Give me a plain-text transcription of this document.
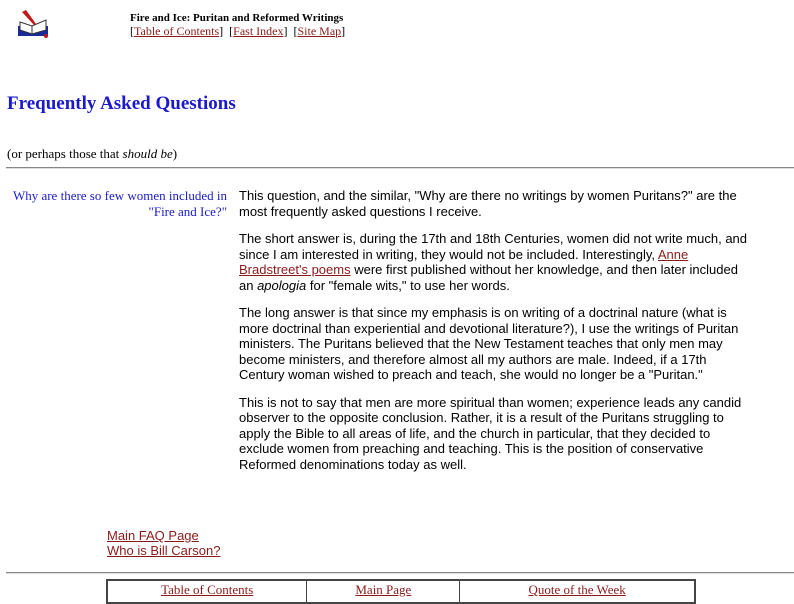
Fire and Ice: Puritan and Reformed Writings
[Table of Contents]  [Fast Index]  [Site Map]
Frequently Asked Questions
(or perhaps those that should be)
Why are there so few women included in "Fire and Ice?"

This question, and the similar, "Why are there no writings by women Puritans?" are the most frequently asked questions I receive.

The short answer is, during the 17th and 18th Centuries, women did not write much, and since I am interested in writing, they would not be included. Interestingly, Anne Bradstreet's poems were first published without her knowledge, and then later included an apologia for "female wits," to use her words.

The long answer is that since my emphasis is on writing of a doctrinal nature (what is more doctrinal than experiential and devotional literature?), I use the writings of Puritan ministers. The Puritans believed that the New Testament teaches that only men may become ministers, and therefore almost all my authors are male. Indeed, if a 17th Century woman wished to preach and teach, she would no longer be a "Puritan."

This is not to say that men are more spiritual than women; experience leads any candid observer to the opposite conclusion. Rather, it is a result of the Puritans struggling to apply the Bible to all areas of life, and the church in particular, that they decided to exclude women from preaching and teaching. This is the position of conservative Reformed denominations today as well.

Main FAQ Page
Who is Bill Carson?
Table of Contents	Main Page	Quote of the Week
